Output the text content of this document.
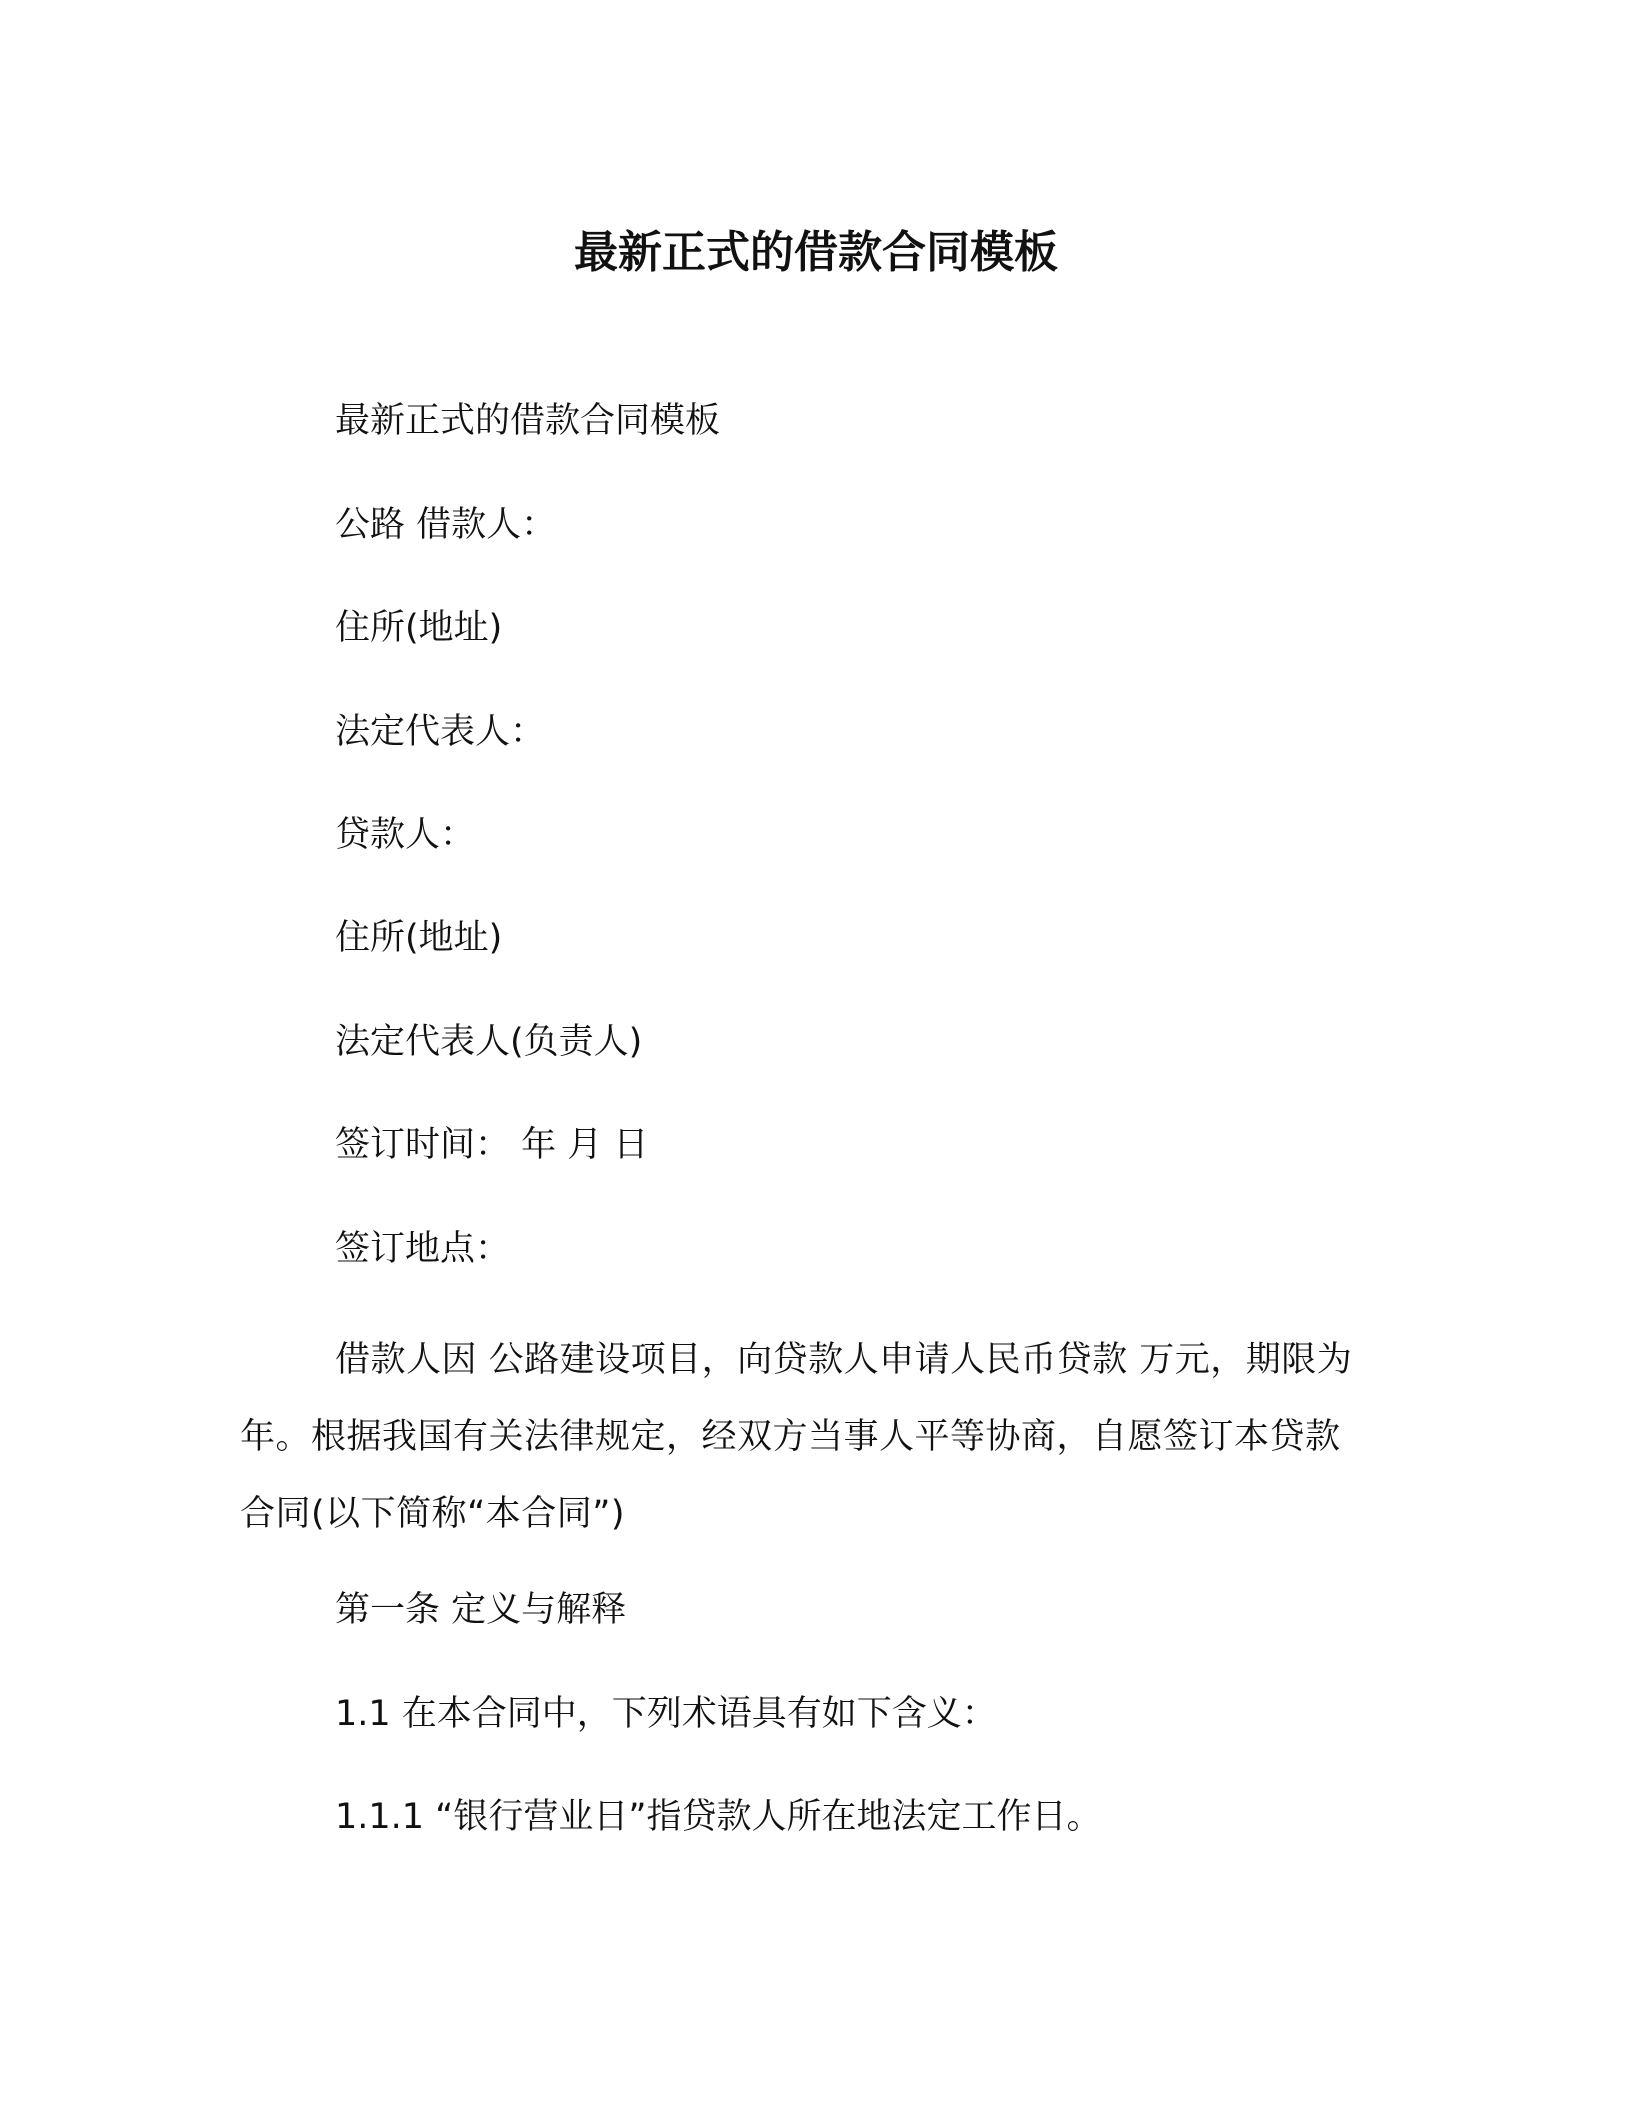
最新正式的借款合同模板

最新正式的借款合同模板

公路 借款人：

住所(地址)

法定代表人：

贷款人：

住所(地址)

法定代表人(负责人)

签订时间： 年 月 日

签订地点：

借款人因 公路建设项目，向贷款人申请人民币贷款 万元，期限为 年。根据我国有关法律规定，经双方当事人平等协商，自愿签订本贷款合同(以下简称“本合同”)

第一条 定义与解释

1.1 在本合同中，下列术语具有如下含义：

1.1.1 “银行营业日”指贷款人所在地法定工作日。
